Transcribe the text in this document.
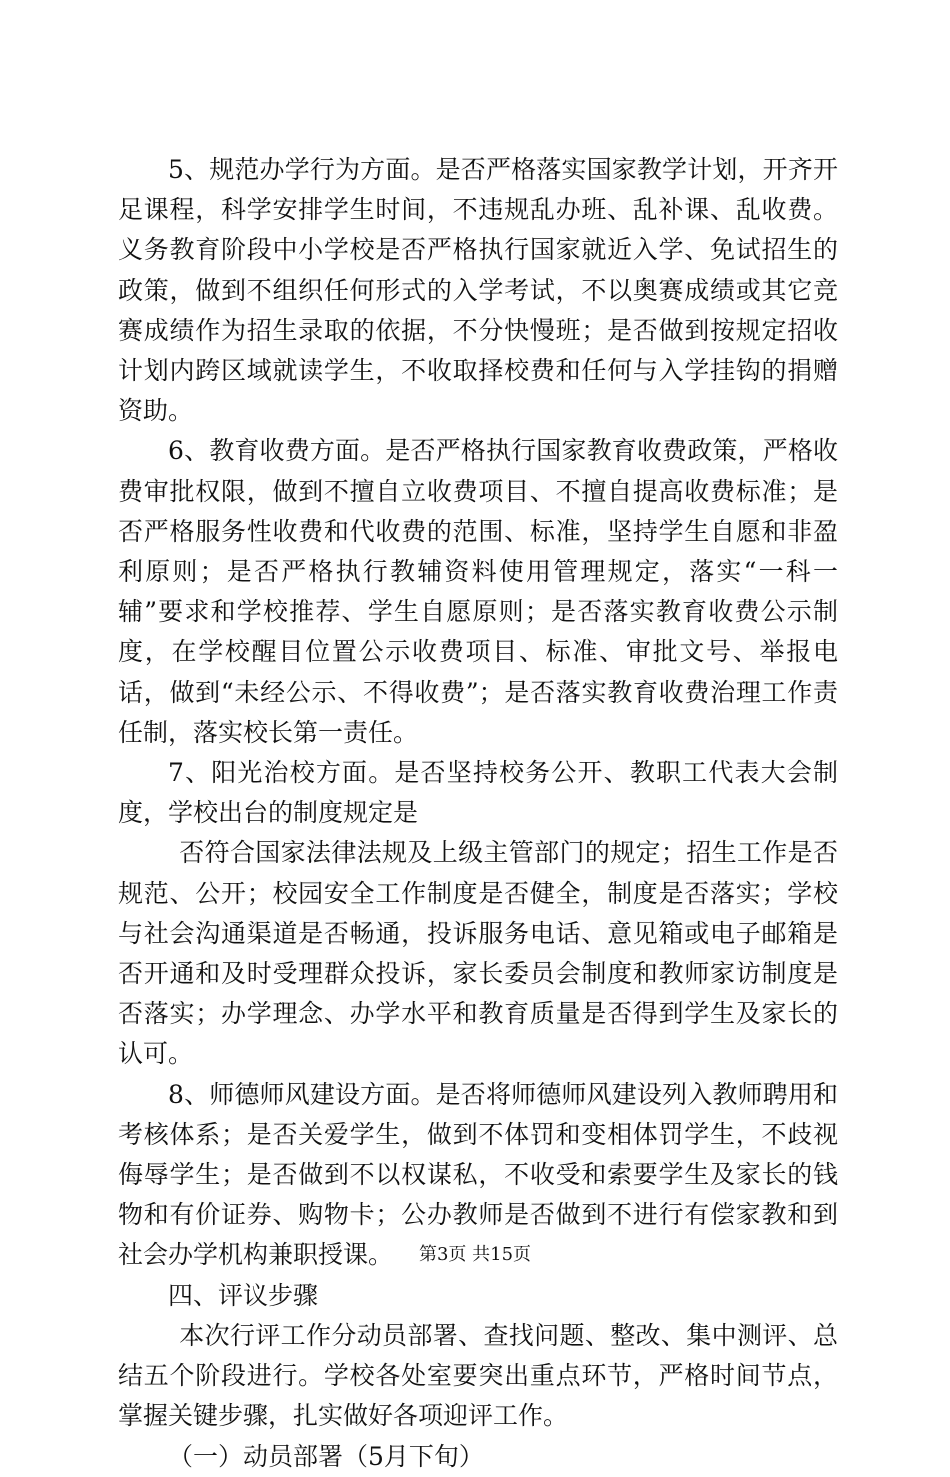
5、规范办学行为方面。是否严格落实国家教学计划，开齐开足课程，科学安排学生时间，不违规乱办班、乱补课、乱收费。义务教育阶段中小学校是否严格执行国家就近入学、免试招生的政策，做到不组织任何形式的入学考试，不以奥赛成绩或其它竞赛成绩作为招生录取的依据，不分快慢班；是否做到按规定招收计划内跨区域就读学生，不收取择校费和任何与入学挂钩的捐赠资助。

6、教育收费方面。是否严格执行国家教育收费政策，严格收费审批权限，做到不擅自立收费项目、不擅自提高收费标准；是否严格服务性收费和代收费的范围、标准，坚持学生自愿和非盈利原则；是否严格执行教辅资料使用管理规定，落实“一科一辅”要求和学校推荐、学生自愿原则；是否落实教育收费公示制度，在学校醒目位置公示收费项目、标准、审批文号、举报电话，做到“未经公示、不得收费”；是否落实教育收费治理工作责任制，落实校长第一责任。

7、阳光治校方面。是否坚持校务公开、教职工代表大会制度，学校出台的制度规定是

否符合国家法律法规及上级主管部门的规定；招生工作是否规范、公开；校园安全工作制度是否健全，制度是否落实；学校与社会沟通渠道是否畅通，投诉服务电话、意见箱或电子邮箱是否开通和及时受理群众投诉，家长委员会制度和教师家访制度是否落实；办学理念、办学水平和教育质量是否得到学生及家长的认可。

8、师德师风建设方面。是否将师德师风建设列入教师聘用和考核体系；是否关爱学生，做到不体罚和变相体罚学生，不歧视侮辱学生；是否做到不以权谋私，不收受和索要学生及家长的钱物和有价证券、购物卡；公办教师是否做到不进行有偿家教和到社会办学机构兼职授课。

四、评议步骤

本次行评工作分动员部署、查找问题、整改、集中测评、总结五个阶段进行。学校各处室要突出重点环节，严格时间节点，掌握关键步骤，扎实做好各项迎评工作。

（一）动员部署（5月下旬）

第3页 共15页
